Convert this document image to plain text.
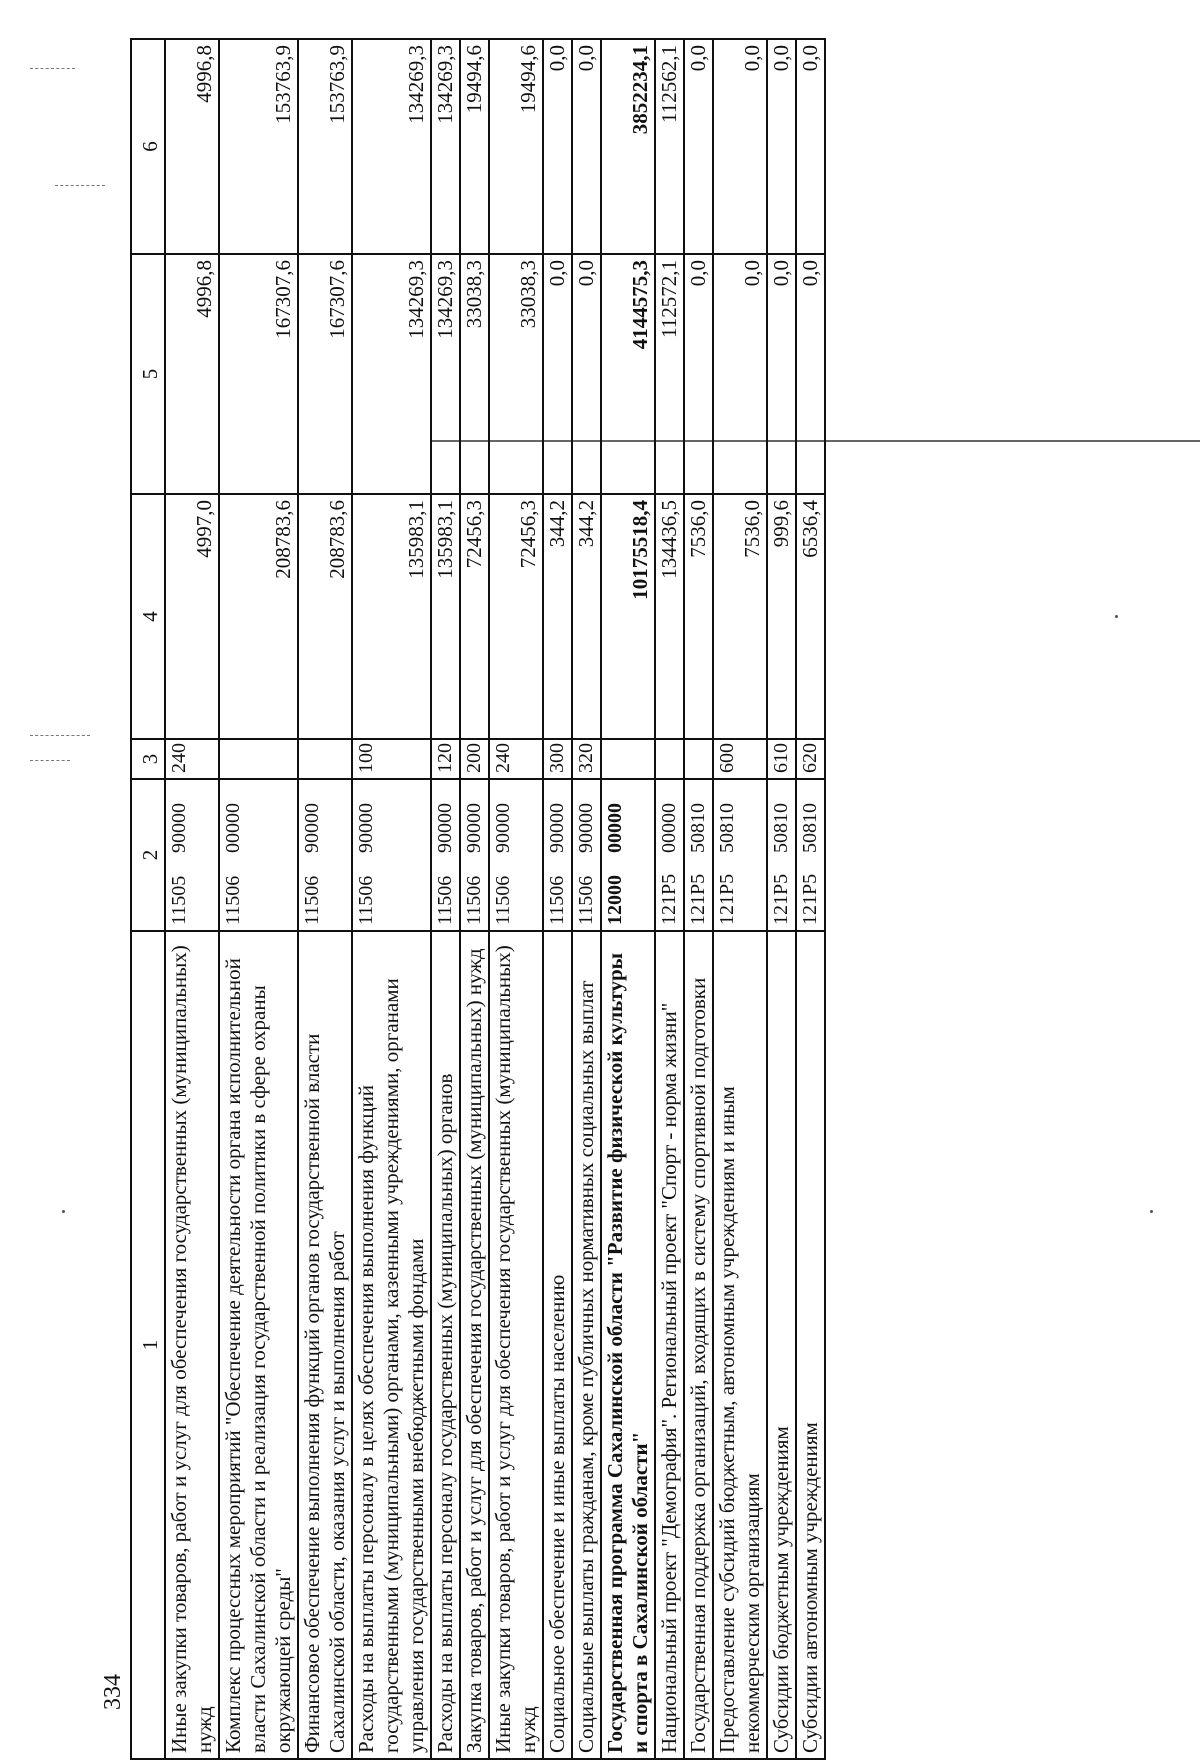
334
1	2	3	4	5	6
Иные закупки товаров, работ и услуг для обеспечения государственных (муниципальных) нужд	1150590000	240	4997,0	4996,8	4996,8
Комплекс процессных мероприятий "Обеспечение деятельности органа исполнительной власти Сахалинской области и реализация государственной политики в сфере охраны окружающей среды"	1150600000		208783,6	167307,6	153763,9
Финансовое обеспечение выполнения функций органов государственной власти Сахалинской области, оказания услуг и выполнения работ	1150690000		208783,6	167307,6	153763,9
Расходы на выплаты персоналу в целях обеспечения выполнения функций государственными (муниципальными) органами, казенными учреждениями, органами управления государственными внебюджетными фондами	1150690000	100	135983,1	134269,3	134269,3
Расходы на выплаты персоналу государственных (муниципальных) органов	1150690000	120	135983,1	134269,3	134269,3
Закупка товаров, работ и услуг для обеспечения государственных (муниципальных) нужд	1150690000	200	72456,3	33038,3	19494,6
Иные закупки товаров, работ и услуг для обеспечения государственных (муниципальных) нужд	1150690000	240	72456,3	33038,3	19494,6
Социальное обеспечение и иные выплаты населению	1150690000	300	344,2	0,0	0,0
Социальные выплаты гражданам, кроме публичных нормативных социальных выплат	1150690000	320	344,2	0,0	0,0
Государственная программа Сахалинской области "Развитие физической культуры и спорта в Сахалинской области"	1200000000		10175518,4	4144575,3	3852234,1
Национальный проект "Демография". Региональный проект "Спорт - норма жизни"	121P500000		134436,5	112572,1	112562,1
Государственная поддержка организаций, входящих в систему спортивной подготовки	121P550810		7536,0	0,0	0,0
Предоставление субсидий бюджетным, автономным учреждениям и иным некоммерческим организациям	121P550810	600	7536,0	0,0	0,0
Субсидии бюджетным учреждениям	121P550810	610	999,6	0,0	0,0
Субсидии автономным учреждениям	121P550810	620	6536,4	0,0	0,0
